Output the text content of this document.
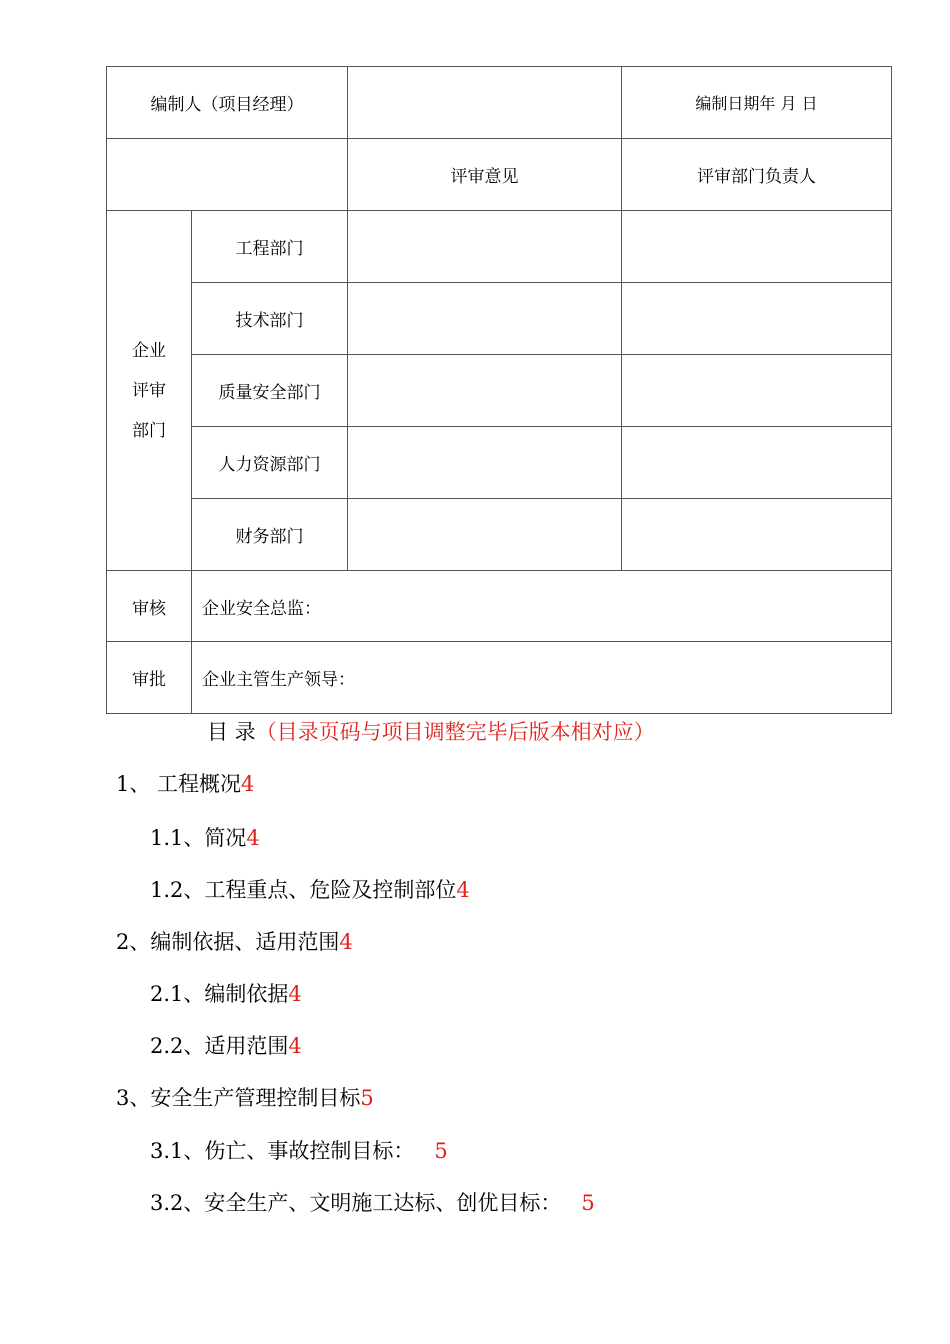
编制人（项目经理）			编制日期年 月 日
		评审意见	评审部门负责人

企业
评审
部门	工程部门		
	技术部门		
	质量安全部门		
	人力资源部门		
	财务部门		
审核	企业安全总监：		
审批	企业主管生产领导：		
目 录（目录页码与项目调整完毕后版本相对应）
1、 工程概况4
1.1、简况4
1.2、工程重点、危险及控制部位4
2、编制依据、适用范围4
2.1、编制依据4
2.2、适用范围4
3、安全生产管理控制目标5
3.1、伤亡、事故控制目标： 5
3.2、安全生产、文明施工达标、创优目标： 5
